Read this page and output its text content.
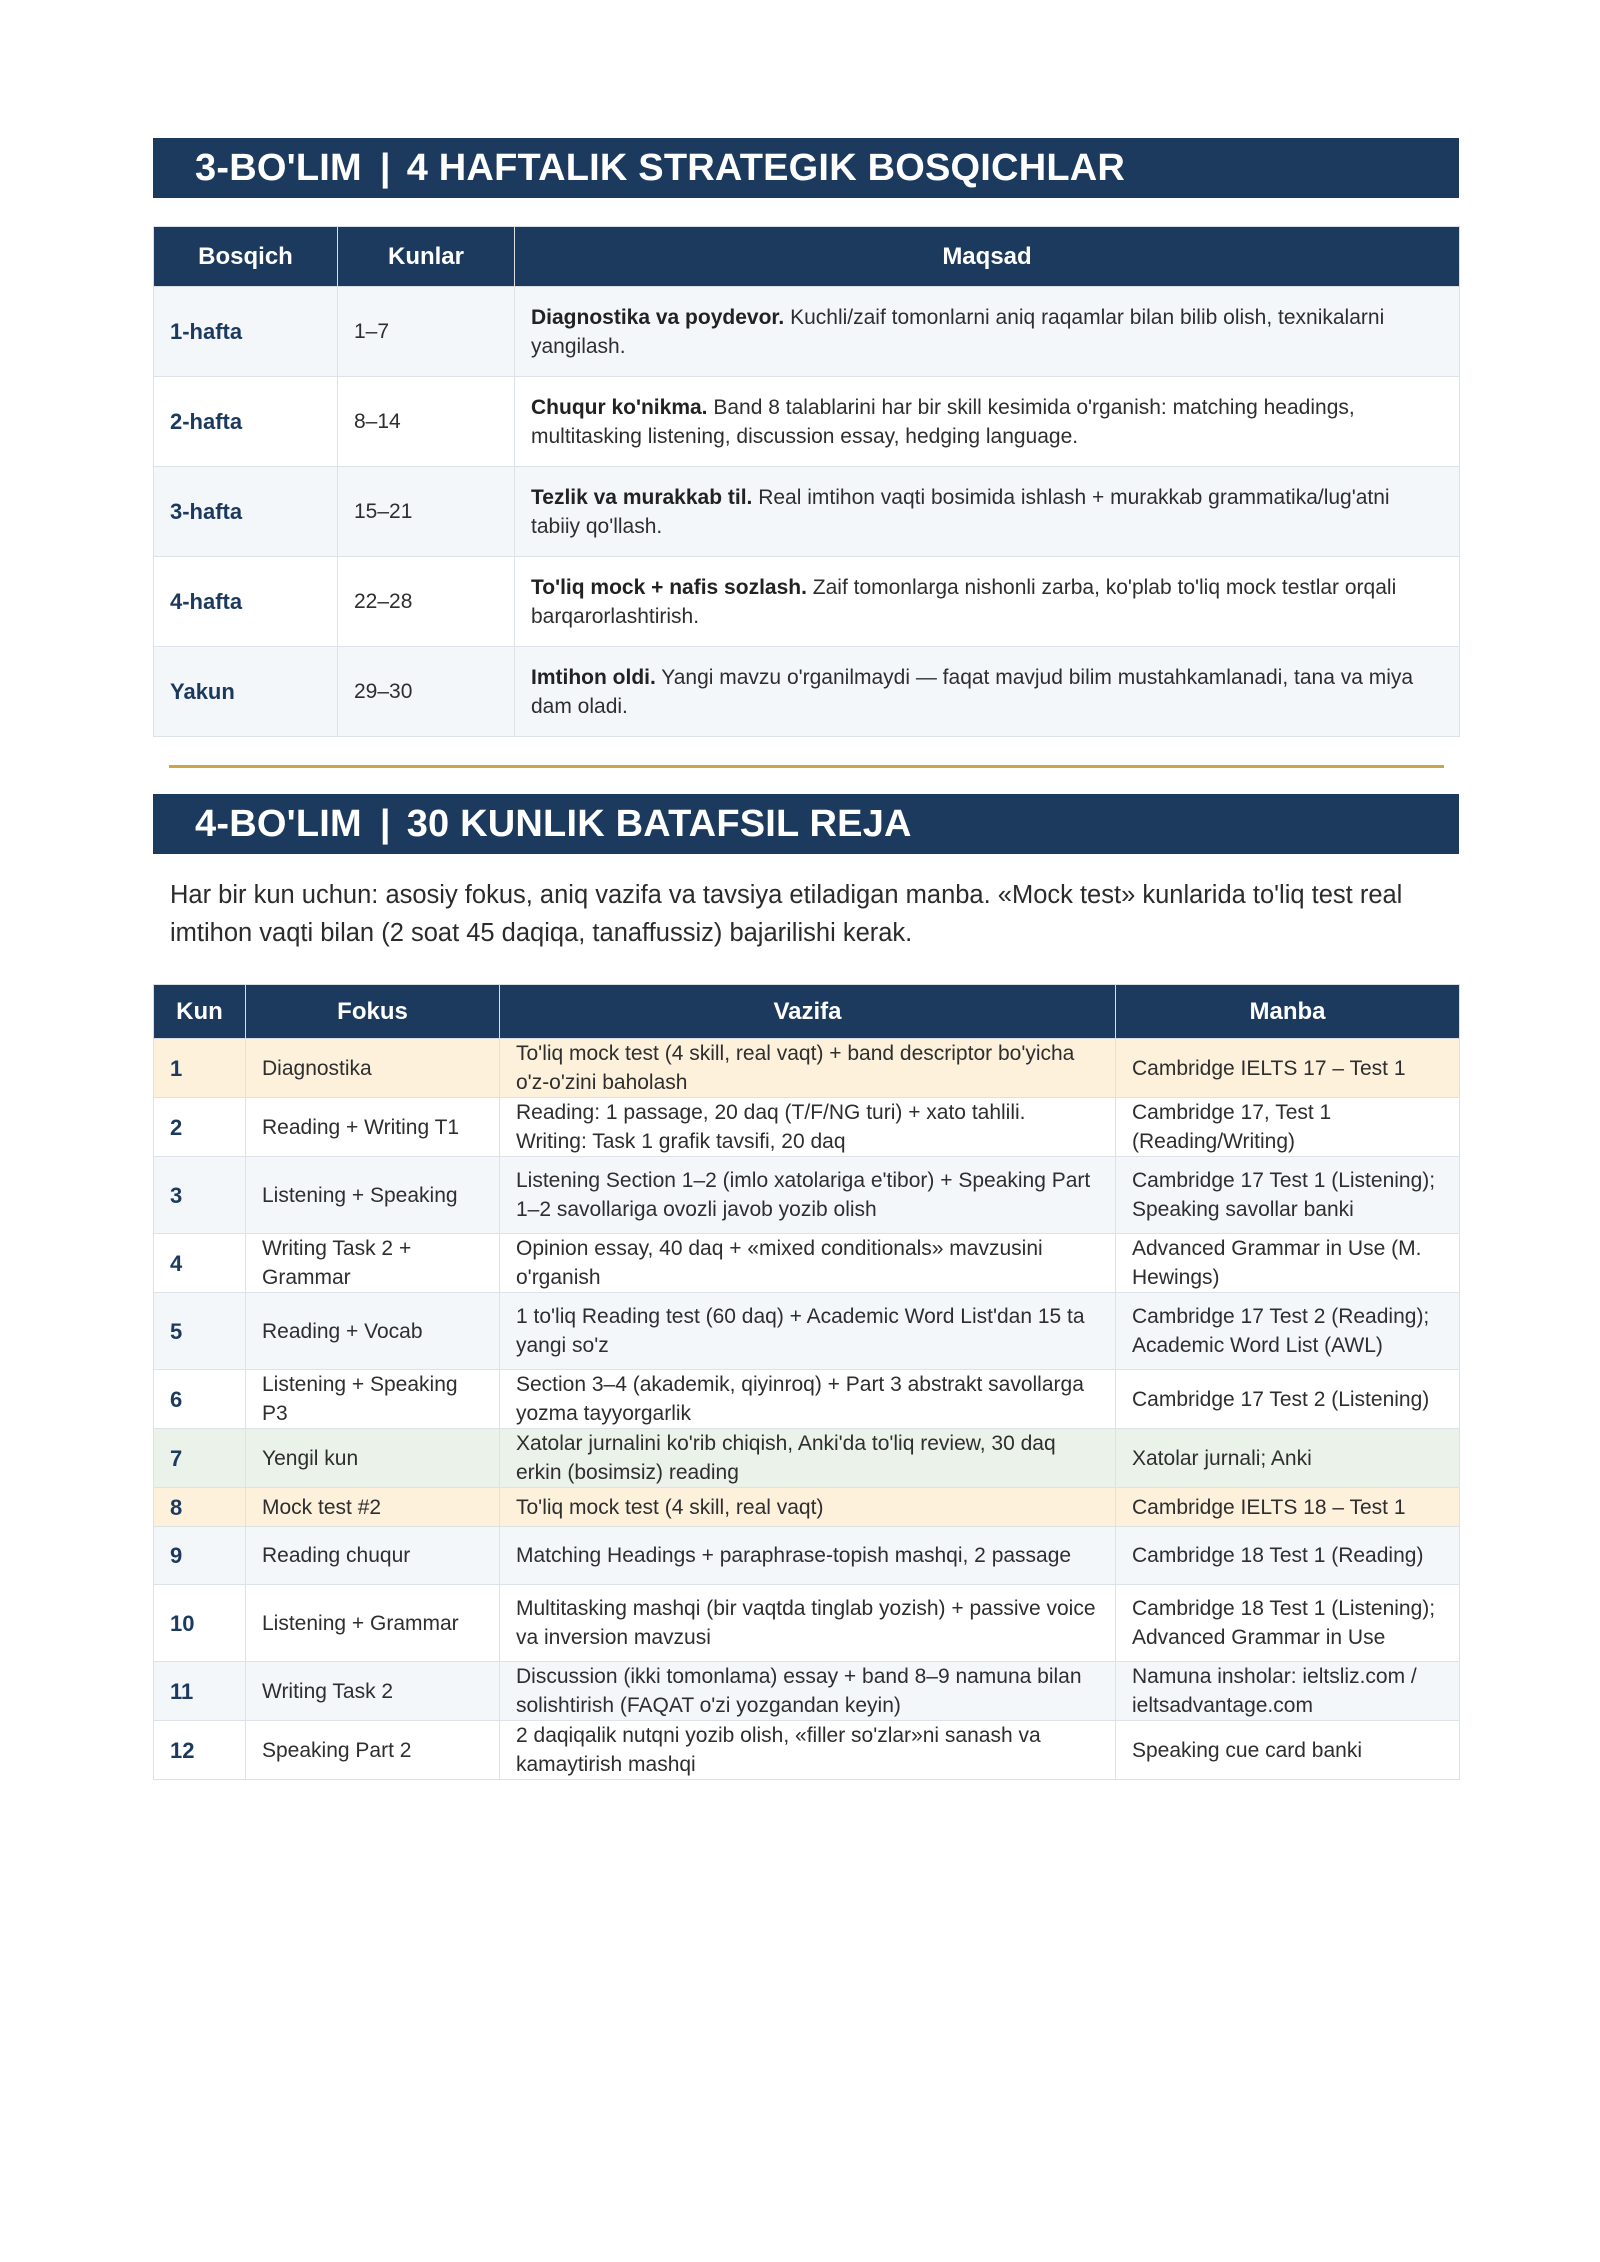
3-BO'LIM | 4 HAFTALIK STRATEGIK BOSQICHLAR
Bosqich	Kunlar	Maqsad
1-hafta	1–7	Diagnostika va poydevor. Kuchli/zaif tomonlarni aniq raqamlar bilan bilib olish, texnikalarni yangilash.
2-hafta	8–14	Chuqur ko'nikma. Band 8 talablarini har bir skill kesimida o'rganish: matching headings, multitasking listening, discussion essay, hedging language.
3-hafta	15–21	Tezlik va murakkab til. Real imtihon vaqti bosimida ishlash + murakkab grammatika/lug'atni tabiiy qo'llash.
4-hafta	22–28	To'liq mock + nafis sozlash. Zaif tomonlarga nishonli zarba, ko'plab to'liq mock testlar orqali barqarorlashtirish.
Yakun	29–30	Imtihon oldi. Yangi mavzu o'rganilmaydi — faqat mavjud bilim mustahkamlanadi, tana va miya dam oladi.
4-BO'LIM | 30 KUNLIK BATAFSIL REJA
Har bir kun uchun: asosiy fokus, aniq vazifa va tavsiya etiladigan manba. «Mock test» kunlarida to'liq test real imtihon vaqti bilan (2 soat 45 daqiqa, tanaffussiz) bajarilishi kerak.
Kun	Fokus	Vazifa	Manba
1	Diagnostika	To'liq mock test (4 skill, real vaqt) + band descriptor bo'yicha o'z-o'zini baholash	Cambridge IELTS 17 – Test 1
2	Reading + Writing T1	Reading: 1 passage, 20 daq (T/F/NG turi) + xato tahlili. Writing: Task 1 grafik tavsifi, 20 daq	Cambridge 17, Test 1 (Reading/Writing)
3	Listening + Speaking	Listening Section 1–2 (imlo xatolariga e'tibor) + Speaking Part 1–2 savollariga ovozli javob yozib olish	Cambridge 17 Test 1 (Listening); Speaking savollar banki
4	Writing Task 2 + Grammar	Opinion essay, 40 daq + «mixed conditionals» mavzusini o'rganish	Advanced Grammar in Use (M. Hewings)
5	Reading + Vocab	1 to'liq Reading test (60 daq) + Academic Word List'dan 15 ta yangi so'z	Cambridge 17 Test 2 (Reading); Academic Word List (AWL)
6	Listening + Speaking P3	Section 3–4 (akademik, qiyinroq) + Part 3 abstrakt savollarga yozma tayyorgarlik	Cambridge 17 Test 2 (Listening)
7	Yengil kun	Xatolar jurnalini ko'rib chiqish, Anki'da to'liq review, 30 daq erkin (bosimsiz) reading	Xatolar jurnali; Anki
8	Mock test #2	To'liq mock test (4 skill, real vaqt)	Cambridge IELTS 18 – Test 1
9	Reading chuqur	Matching Headings + paraphrase-topish mashqi, 2 passage	Cambridge 18 Test 1 (Reading)
10	Listening + Grammar	Multitasking mashqi (bir vaqtda tinglab yozish) + passive voice va inversion mavzusi	Cambridge 18 Test 1 (Listening); Advanced Grammar in Use
11	Writing Task 2	Discussion (ikki tomonlama) essay + band 8–9 namuna bilan solishtirish (FAQAT o'zi yozgandan keyin)	Namuna insholar: ieltsliz.com / ieltsadvantage.com
12	Speaking Part 2	2 daqiqalik nutqni yozib olish, «filler so'zlar»ni sanash va kamaytirish mashqi	Speaking cue card banki
